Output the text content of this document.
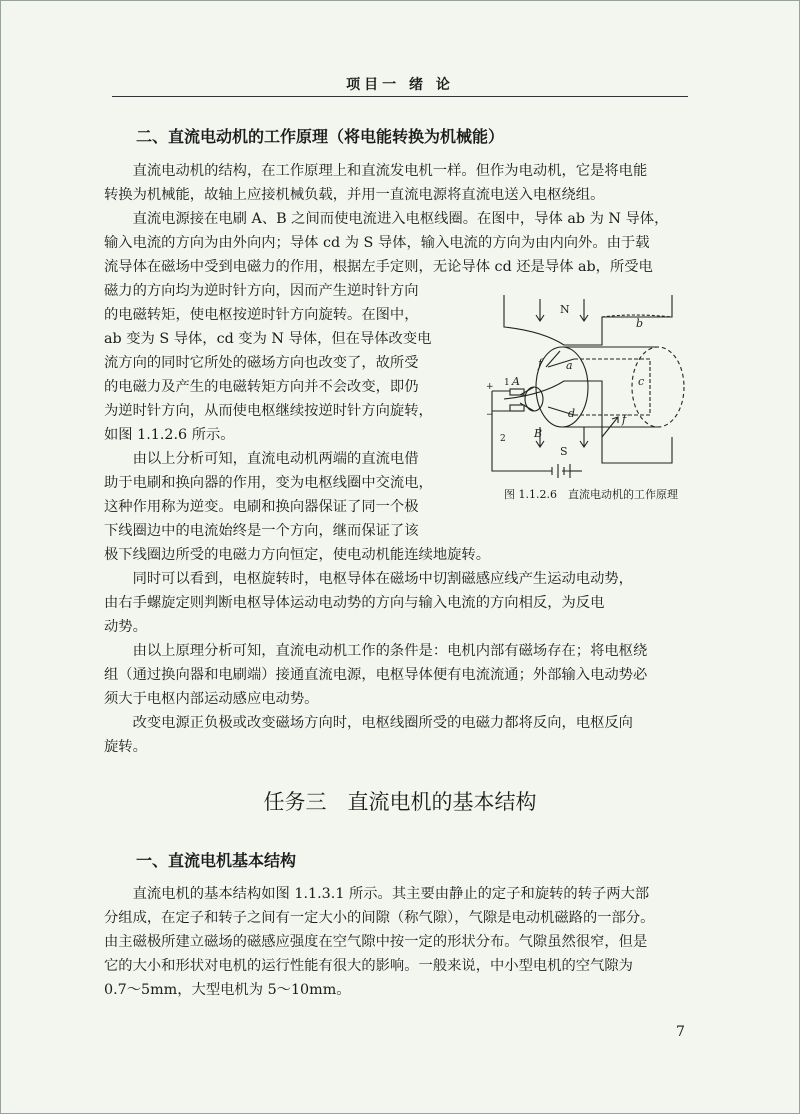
项目一 绪 论
二、直流电动机的工作原理（将电能转换为机械能）
　　直流电动机的结构，在工作原理上和直流发电机一样。但作为电动机，它是将电能
转换为机械能，故轴上应接机械负载，并用一直流电源将直流电送入电枢绕组。
　　直流电源接在电刷 A、B 之间而使电流进入电枢线圈。在图中，导体 ab 为 N 导体，
输入电流的方向为由外向内；导体 cd 为 S 导体，输入电流的方向为由内向外。由于载
流导体在磁场中受到电磁力的作用，根据左手定则，无论导体 cd 还是导体 ab，所受电
磁力的方向均为逆时针方向，因而产生逆时针方向
的电磁转矩，使电枢按逆时针方向旋转。在图中，
ab 变为 S 导体，cd 变为 N 导体，但在导体改变电
流方向的同时它所处的磁场方向也改变了，故所受
的电磁力及产生的电磁转矩方向并不会改变，即仍
为逆时针方向，从而使电枢继续按逆时针方向旋转，
如图 1.1.2.6 所示。
　　由以上分析可知，直流电动机两端的直流电借
助于电刷和换向器的作用，变为电枢线圈中交流电，
这种作用称为逆变。电刷和换向器保证了同一个极
下线圈边中的电流始终是一个方向，继而保证了该
N
S
a
b
c
d
f
f
A
B
1
2
+
−
图 1.1.2.6　直流电动机的工作原理
极下线圈边所受的电磁力方向恒定，使电动机能连续地旋转。
　　同时可以看到，电枢旋转时，电枢导体在磁场中切割磁感应线产生运动电动势，
由右手螺旋定则判断电枢导体运动电动势的方向与输入电流的方向相反，为反电
动势。
　　由以上原理分析可知，直流电动机工作的条件是：电机内部有磁场存在；将电枢绕
组（通过换向器和电刷端）接通直流电源，电枢导体便有电流流通；外部输入电动势必
须大于电枢内部运动感应电动势。
　　改变电源正负极或改变磁场方向时，电枢线圈所受的电磁力都将反向，电枢反向
旋转。
任务三　直流电机的基本结构
一、直流电机基本结构
　　直流电机的基本结构如图 1.1.3.1 所示。其主要由静止的定子和旋转的转子两大部
分组成，在定子和转子之间有一定大小的间隙（称气隙），气隙是电动机磁路的一部分。
由主磁极所建立磁场的磁感应强度在空气隙中按一定的形状分布。气隙虽然很窄，但是
它的大小和形状对电机的运行性能有很大的影响。一般来说，中小型电机的空气隙为
0.7～5mm，大型电机为 5～10mm。
7
